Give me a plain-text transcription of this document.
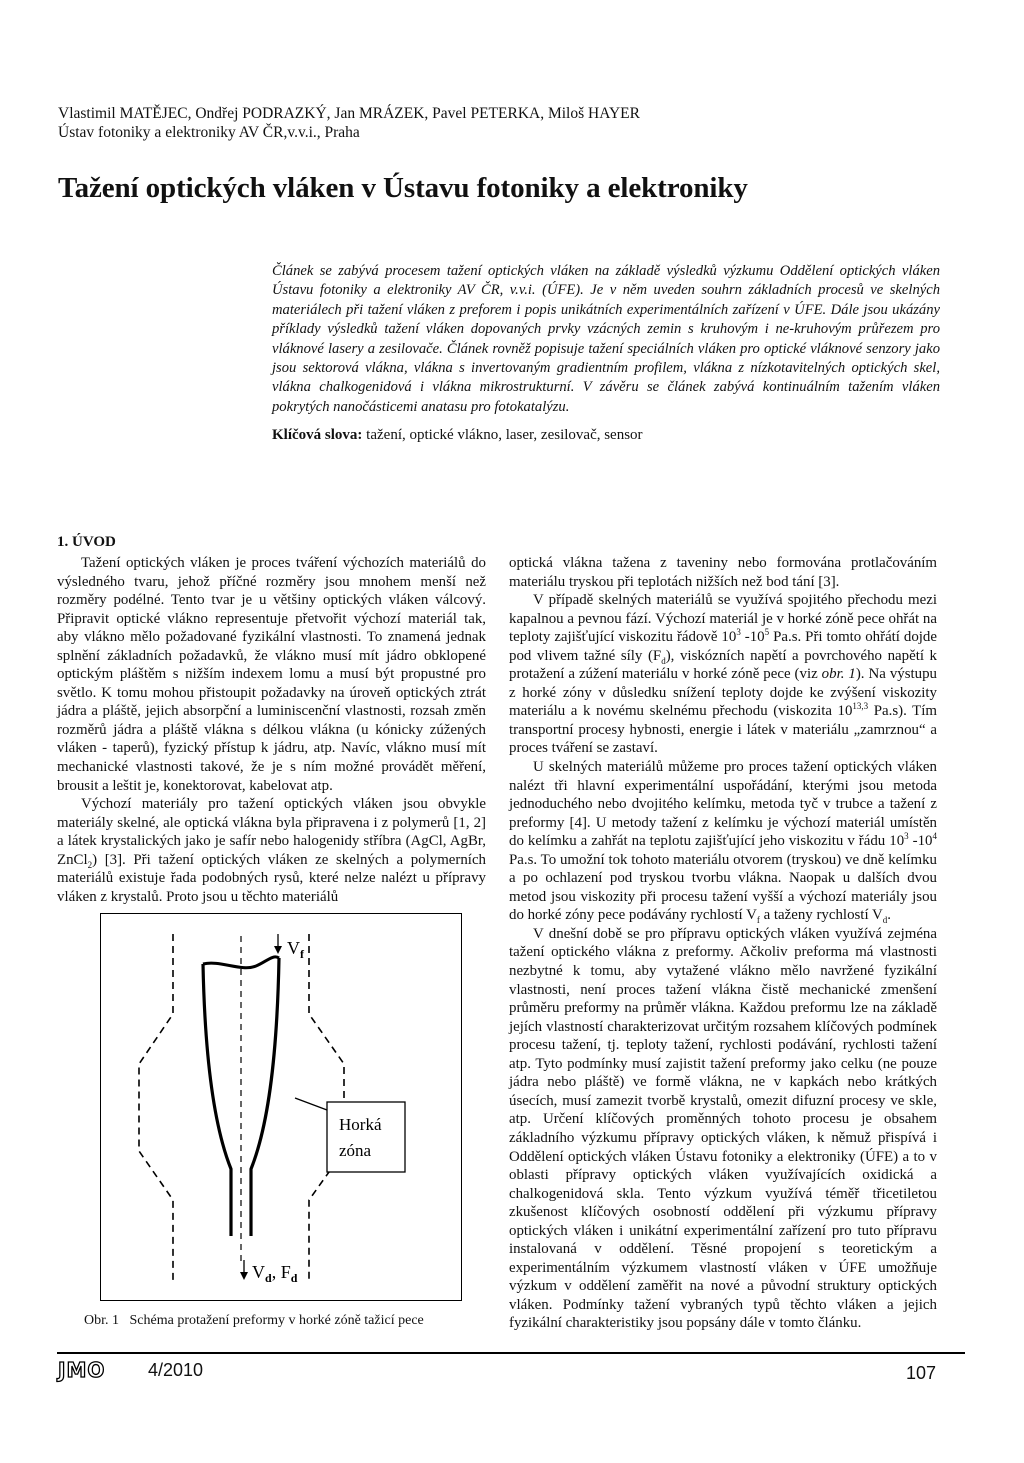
Vlastimil MATĚJEC, Ondřej PODRAZKÝ, Jan MRÁZEK, Pavel PETERKA, Miloš HAYER
Ústav fotoniky a elektroniky AV ČR,v.v.i., Praha
Tažení optických vláken v Ústavu fotoniky a elektroniky

Článek se zabývá procesem tažení optických vláken na základě výsledků výzkumu Oddělení optických vláken Ústavu fotoniky a elektroniky AV ČR, v.v.i. (ÚFE). Je v něm uveden souhrn základních procesů ve skelných materiálech při tažení vláken z preforem i popis unikátních experimentálních zařízení v ÚFE. Dále jsou ukázány příklady výsledků tažení vláken dopovaných prvky vzácných zemin s kruhovým i ne-kruhovým průřezem pro vláknové lasery a zesilovače. Článek rovněž popisuje tažení speciálních vláken pro optické vláknové senzory jako jsou sektorová vlákna, vlákna s invertovaným gradientním profilem, vlákna z nízkotavitelných optických skel, vlákna chalkogenidová i vlákna mikrostrukturní. V závěru se článek zabývá kontinuálním tažením vláken pokrytých nanočásticemi anatasu pro fotokatalýzu.

Klíčová slova: tažení, optické vlákno, laser, zesilovač, sensor
1. ÚVOD

Tažení optických vláken je proces tváření výchozích materiálů do výsledného tvaru, jehož příčné rozměry jsou mnohem menší než rozměry podélné. Tento tvar je u většiny optických vláken válcový. Připravit optické vlákno representuje přetvořit výchozí materiál tak, aby vlákno mělo požadované fyzikální vlastnosti. To znamená jednak splnění základních požadavků, že vlákno musí mít jádro obklopené optickým pláštěm s nižším indexem lomu a musí být propustné pro světlo. K tomu mohou přistoupit požadavky na úroveň optických ztrát jádra a pláště, jejich absorpční a luminiscenční vlastnosti, rozsah změn rozměrů jádra a pláště vlákna s délkou vlákna (u kónicky zúžených vláken - taperů), fyzický přístup k jádru, atp. Navíc, vlákno musí mít mechanické vlastnosti takové, že je s ním možné provádět měření, brousit a leštit je, konektorovat, kabelovat atp.

Výchozí materiály pro tažení optických vláken jsou obvykle materiály skelné, ale optická vlákna byla připravena i z polymerů [1, 2] a látek krystalických jako je safír nebo halogenidy stříbra (AgCl, AgBr, ZnCl$_2$) [3]. Při tažení optických vláken ze skelných a polymerních materiálů existuje řada podobných rysů, které nelze nalézt u přípravy vláken z krystalů. Proto jsou u těchto materiálů

$V_f$
$V_d$, $F_d$
Horká
zóna
Obr. 1   Schéma protažení preformy v horké zóně tažicí pece

optická vlákna tažena z taveniny nebo formována protlačováním materiálu tryskou při teplotách nižších než bod tání [3].

V případě skelných materiálů se využívá spojitého přechodu mezi kapalnou a pevnou fází. Výchozí materiál je v horké zóně pece ohřát na teploty zajišťující viskozitu řádově $10^3$ $-10^5$ Pa.s. Při tomto ohřátí dojde pod vlivem tažné síly $(F_d)$, viskózních napětí a povrchového napětí k protažení a zúžení materiálu v horké zóně pece (viz obr. 1). Na výstupu z horké zóny v důsledku snížení teploty dojde ke zvýšení viskozity materiálu a k novému skelnému přechodu (viskozita 10$^{13,3}$ Pa.s). Tím transportní procesy hybnosti, energie i látek v materiálu „zamrznou“ a proces tváření se zastaví.

U skelných materiálů můžeme pro proces tažení optických vláken nalézt tři hlavní experimentální uspořádání, kterými jsou metoda jednoduchého nebo dvojitého kelímku, metoda tyč v trubce a tažení z preformy [4]. U metody tažení z kelímku je výchozí materiál umístěn do kelímku a zahřát na teplotu zajišťující jeho viskozitu v řádu $10^3$ $-10^4$ Pa.s. To umožní tok tohoto materiálu otvorem (tryskou) ve dně kelímku a po ochlazení pod tryskou tvorbu vlákna. Naopak u dalších dvou metod jsou viskozity při procesu tažení vyšší a výchozí materiály jsou do horké zóny pece podávány rychlostí $V_f$ a taženy rychlostí $V_d$.

V dnešní době se pro přípravu optických vláken využívá zejména tažení optického vlákna z preformy. Ačkoliv preforma má vlastnosti nezbytné k tomu, aby vytažené vlákno mělo navržené fyzikální vlastnosti, není proces tažení vlákna čistě mechanické zmenšení průměru preformy na průměr vlákna. Každou preformu lze na základě jejích vlastností charakterizovat určitým rozsahem klíčových podmínek procesu tažení, tj. teploty tažení, rychlosti podávání, rychlosti tažení atp. Tyto podmínky musí zajistit tažení preformy jako celku (ne pouze jádra nebo pláště) ve formě vlákna, ne v kapkách nebo krátkých úsecích, musí zamezit tvorbě krystalů, omezit difuzní procesy ve skle, atp. Určení klíčových proměnných tohoto procesu je obsahem základního výzkumu přípravy optických vláken, k němuž přispívá i Oddělení optických vláken Ústavu fotoniky a elektroniky (ÚFE) a to v oblasti přípravy optických vláken využívajících oxidická a chalkogenidová skla. Tento výzkum využívá téměř třicetiletou zkušenost klíčových osobností oddělení při výzkumu přípravy optických vláken i unikátní experimentální zařízení pro tuto přípravu instalovaná v oddělení. Těsné propojení s teoretickým a experimentálním výzkumem vlastností vláken v ÚFE umožňuje výzkum v oddělení zaměřit na nové a původní struktury optických vláken. Podmínky tažení vybraných typů těchto vláken a jejich fyzikální charakteristiky jsou popsány dále v tomto článku.

JMO 4/2010	107
